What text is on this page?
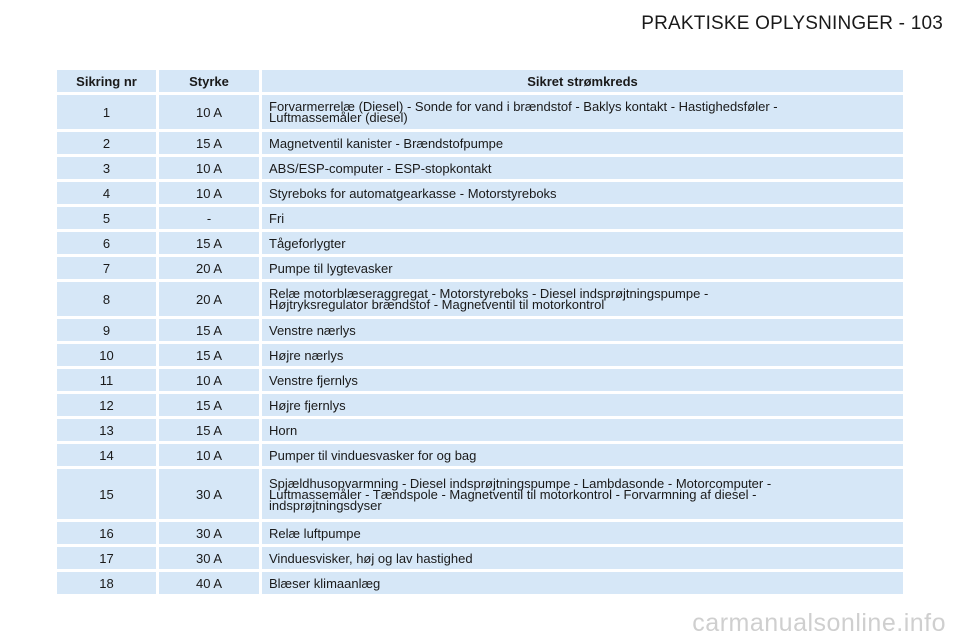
PRAKTISKE OPLYSNINGER - 103
Sikring nr	Styrke	Sikret strømkreds
1	10 A	Forvarmerrelæ (Diesel) - Sonde for vand i brændstof - Baklys kontakt - Hastighedsføler -
Luftmassemåler (diesel)
2	15 A	Magnetventil kanister - Brændstofpumpe
3	10 A	ABS/ESP-computer - ESP-stopkontakt
4	10 A	Styreboks for automatgearkasse - Motorstyreboks
5	-	Fri
6	15 A	Tågeforlygter
7	20 A	Pumpe til lygtevasker
8	20 A	Relæ motorblæseraggregat - Motorstyreboks - Diesel indsprøjtningspumpe -
Højtryksregulator brændstof - Magnetventil til motorkontrol
9	15 A	Venstre nærlys
10	15 A	Højre nærlys
11	10 A	Venstre fjernlys
12	15 A	Højre fjernlys
13	15 A	Horn
14	10 A	Pumper til vinduesvasker for og bag
15	30 A	Spjældhusopvarmning - Diesel indsprøjtningspumpe - Lambdasonde - Motorcomputer -
Luftmassemåler - Tændspole - Magnetventil til motorkontrol - Forvarmning af diesel -
indsprøjtningsdyser
16	30 A	Relæ luftpumpe
17	30 A	Vinduesvisker, høj og lav hastighed
18	40 A	Blæser klimaanlæg
carmanualsonline.info
